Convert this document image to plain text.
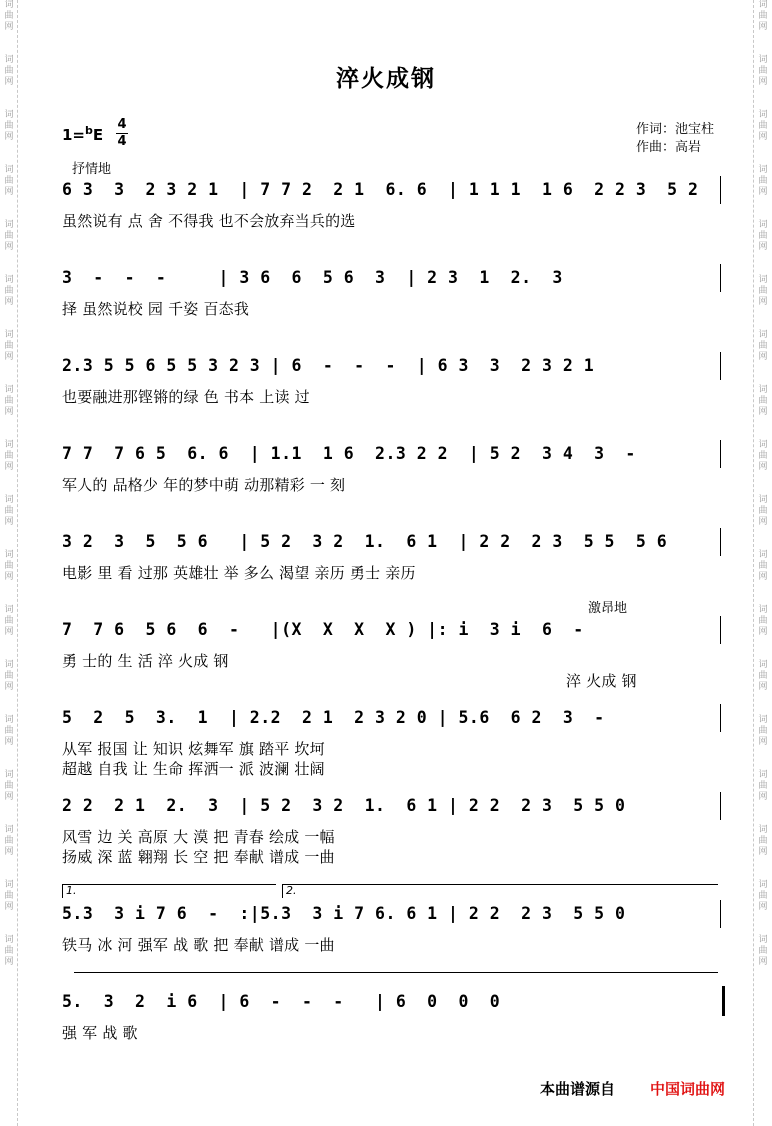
词
曲
网
词
曲
网
词
曲
网
词
曲
网
词
曲
网
词
曲
网
词
曲
网
词
曲
网
词
曲
网
词
曲
网
词
曲
网
词
曲
网
词
曲
网
词
曲
网
词
曲
网
词
曲
网
词
曲
网
词
曲
网
词
曲
网
词
曲
网
词
曲
网
词
曲
网
词
曲
网
词
曲
网
词
曲
网
词
曲
网
词
曲
网
词
曲
网
词
曲
网
词
曲
网
词
曲
网
词
曲
网
词
曲
网
词
曲
网
词
曲
网
词
曲
网
淬火成钢
作词：池宝柱
作曲：高岩
1=$^b$E
4
4
抒情地
激昂地
6 3  3  2 3 2 1  | 7 7 2  2 1  6. 6  | 1 1 1  1 6  2 2 3  5 2
虽然说有 点 舍 不得我 也不会放弃当兵的选
3  -  -  -     | 3 6  6  5 6  3  | 2 3  1  2.  3
择 虽然说校 园 千姿 百态我
2.3 5 5 6 5 5 3 2 3 | 6  -  -  -  | 6 3  3  2 3 2 1
也要融进那铿锵的绿 色 书本 上读 过
7 7  7 6 5  6. 6  | 1.1  1 6  2.3 2 2  | 5 2  3 4  3  -
军人的 品格少 年的梦中萌 动那精彩 一 刻
3 2  3  5  5 6   | 5 2  3 2  1.  6 1  | 2 2  2 3  5 5  5 6
电影 里 看 过那 英雄壮 举 多么 渴望 亲历 勇士 亲历
7  7 6  5 6  6  -   |(X  X  X  X ) |: i  3 i  6  -
勇 士的 生 活 淬 火成 钢
淬 火成 钢
5  2  5  3.  1  | 2.2  2 1  2 3 2 0 | 5.6  6 2  3  -
从军 报国 让 知识 炫舞军 旗 踏平 坎坷
超越 自我 让 生命 挥洒一 派 波澜 壮阔
2 2  2 1  2.  3  | 5 2  3 2  1.  6 1 | 2 2  2 3  5 5 0
风雪 边 关 高原 大 漠 把 青春 绘成 一幅
扬威 深 蓝 翱翔 长 空 把 奉献 谱成 一曲
1.	2.
5.3  3 i 7 6  -  :|5.3  3 i 7 6. 6 1 | 2 2  2 3  5 5 0
铁马 冰 河 强军 战 歌 把 奉献 谱成 一曲
5.  3  2  i 6  | 6  -  -  -   | 6  0  0  0
强 军 战 歌
本曲谱源自 中国词曲网
